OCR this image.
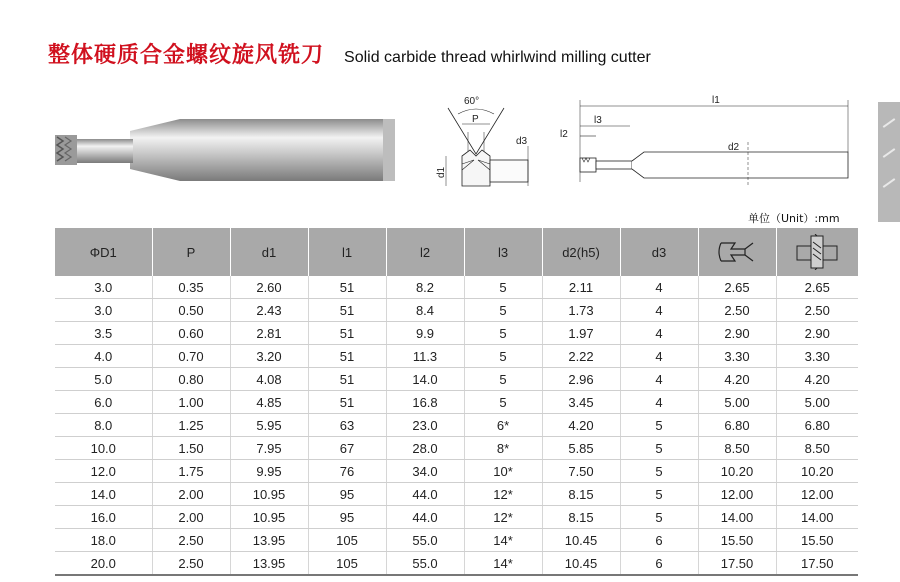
整体硬质合金螺纹旋风铣刀 Solid carbide thread whirlwind milling cutter
60°
P
d3
d1
l1
l3
l2
d2
单位（Unit）:mm
ΦD1	P	d1	l1	l2	l3	d2(h5)	d3	

3.0	0.35	2.60	51	8.2	5	2.11	4	2.65	2.65
3.0	0.50	2.43	51	8.4	5	1.73	4	2.50	2.50
3.5	0.60	2.81	51	9.9	5	1.97	4	2.90	2.90
4.0	0.70	3.20	51	11.3	5	2.22	4	3.30	3.30
5.0	0.80	4.08	51	14.0	5	2.96	4	4.20	4.20
6.0	1.00	4.85	51	16.8	5	3.45	4	5.00	5.00
8.0	1.25	5.95	63	23.0	6*	4.20	5	6.80	6.80
10.0	1.50	7.95	67	28.0	8*	5.85	5	8.50	8.50
12.0	1.75	9.95	76	34.0	10*	7.50	5	10.20	10.20
14.0	2.00	10.95	95	44.0	12*	8.15	5	12.00	12.00
16.0	2.00	10.95	95	44.0	12*	8.15	5	14.00	14.00
18.0	2.50	13.95	105	55.0	14*	10.45	6	15.50	15.50
20.0	2.50	13.95	105	55.0	14*	10.45	6	17.50	17.50
